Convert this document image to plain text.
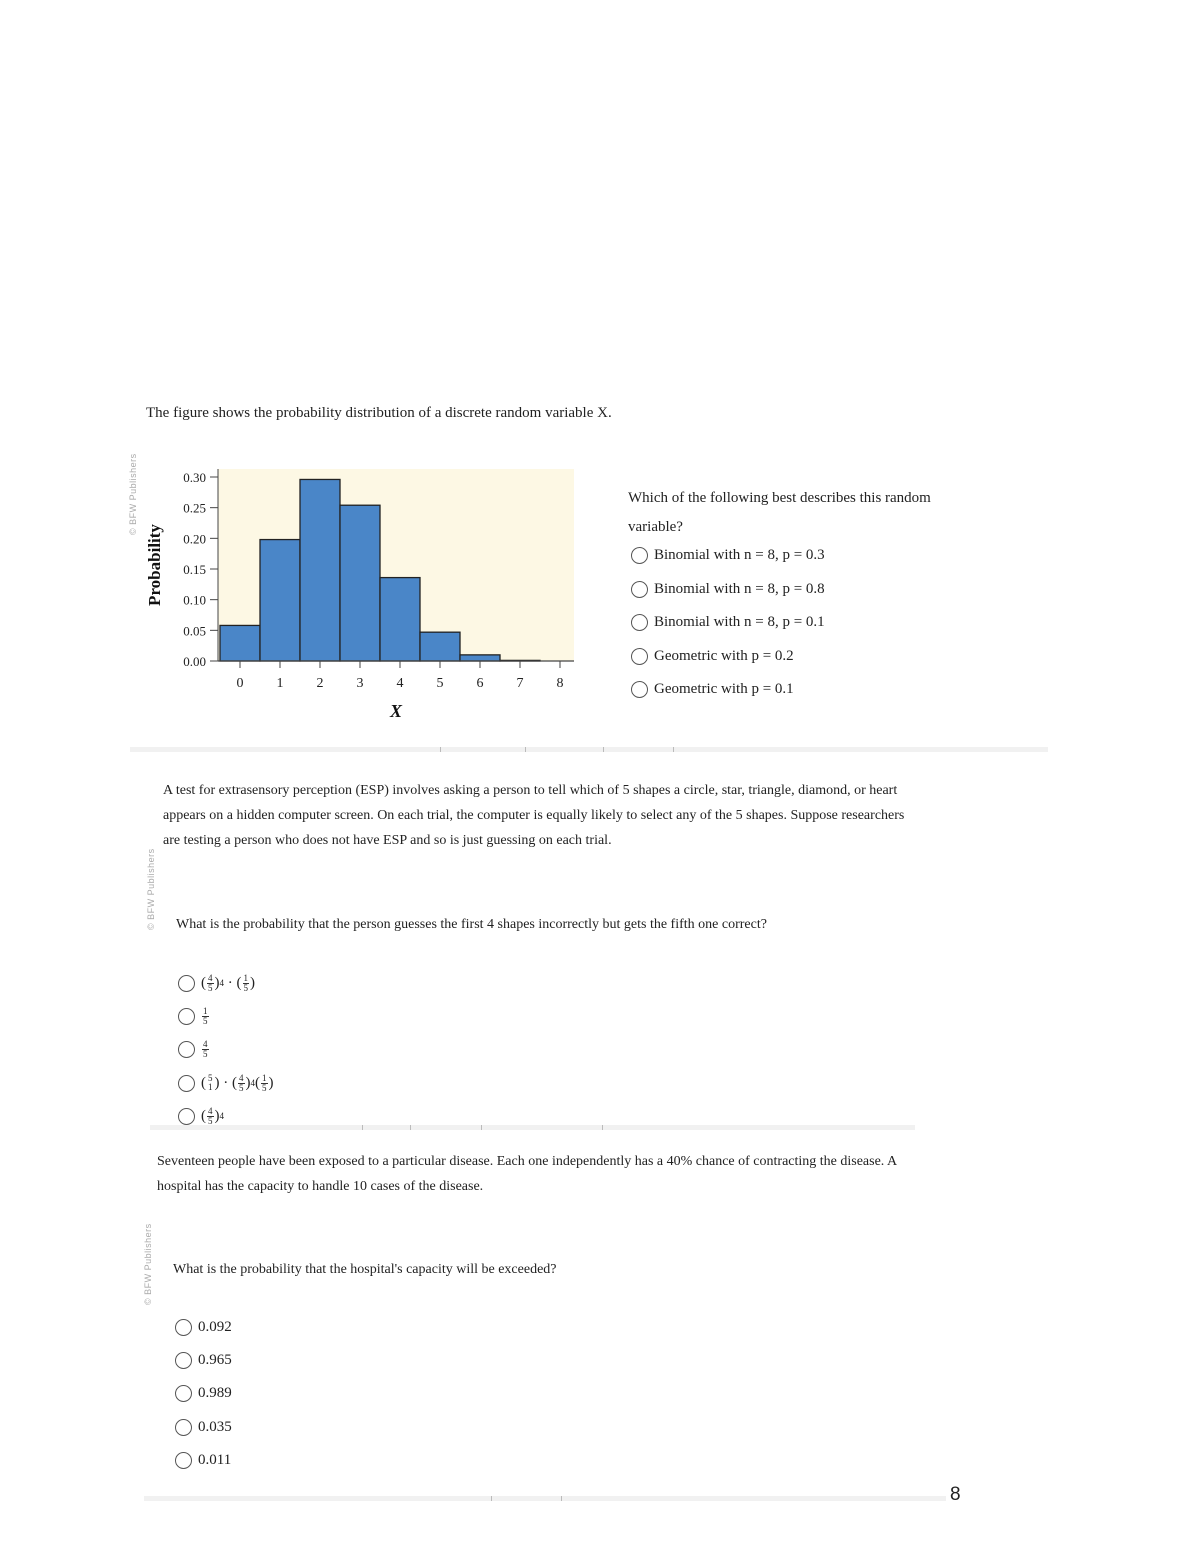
The figure shows the probability distribution of a discrete random variable X.
© BFW Publishers
0.00
0.05
0.10
0.15
0.20
0.25
0.30
0 1 2 3 4 5 6 7 8
Probability
X
Which of the following best describes this random variable?
Binomial with n = 8, p = 0.3
Binomial with n = 8, p = 0.8
Binomial with n = 8, p = 0.1
Geometric with p = 0.2
Geometric with p = 0.1
A test for extrasensory perception (ESP) involves asking a person to tell which of 5 shapes a circle, star, triangle, diamond, or heart appears on a hidden computer screen. On each trial, the computer is equally likely to select any of the 5 shapes. Suppose researchers are testing a person who does not have ESP and so is just guessing on each trial.
© BFW Publishers What is the probability that the person guesses the first 4 shapes incorrectly but gets the fifth one correct?
( $\frac{4}{5}$ ) 4 · ( $\frac{1}{5}$ )
$\frac{1}{5}$
$\frac{4}{5}$
( 5
1 ) · ( $\frac{4}{5}$ ) 4 ( $\frac{1}{5}$ )
( $\frac{4}{5}$ ) 4
Seventeen people have been exposed to a particular disease. Each one independently has a 40% chance of contracting the disease. A hospital has the capacity to handle 10 cases of the disease.
© BFW Publishers What is the probability that the hospital's capacity will be exceeded?
0.092
0.965
0.989
0.035
0.011
8
